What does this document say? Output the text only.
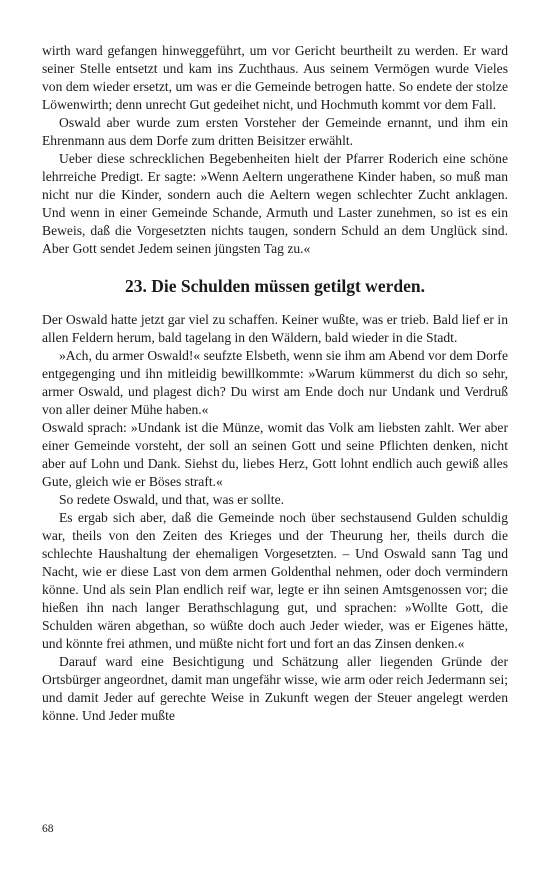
wirth ward gefangen hinweggeführt, um vor Gericht beurtheilt zu werden. Er ward seiner Stelle entsetzt und kam ins Zuchthaus. Aus seinem Vermögen wurde Vieles von dem wieder ersetzt, um was er die Gemeinde betrogen hatte. So endete der stolze Löwenwirth; denn unrecht Gut gedeihet nicht, und Hochmuth kommt vor dem Fall.

Oswald aber wurde zum ersten Vorsteher der Gemeinde ernannt, und ihm ein Ehrenmann aus dem Dorfe zum dritten Beisitzer erwählt.

Ueber diese schrecklichen Begebenheiten hielt der Pfarrer Roderich eine schöne lehrreiche Predigt. Er sagte: »Wenn Aeltern ungerathene Kinder haben, so muß man nicht nur die Kinder, sondern auch die Aeltern wegen schlechter Zucht anklagen. Und wenn in einer Gemeinde Schande, Armuth und Laster zunehmen, so ist es ein Beweis, daß die Vorgesetzten nichts taugen, sondern Schuld an dem Unglück sind. Aber Gott sendet Jedem seinen jüngsten Tag zu.«

23. Die Schulden müssen getilgt werden.

Der Oswald hatte jetzt gar viel zu schaffen. Keiner wußte, was er trieb. Bald lief er in allen Feldern herum, bald tagelang in den Wäldern, bald wieder in die Stadt.

»Ach, du armer Oswald!« seufzte Elsbeth, wenn sie ihm am Abend vor dem Dorfe entgegenging und ihn mitleidig bewillkommte: »Warum kümmerst du dich so sehr, armer Oswald, und plagest dich? Du wirst am Ende doch nur Undank und Verdruß von aller deiner Mühe haben.«

Oswald sprach: »Undank ist die Münze, womit das Volk am liebsten zahlt. Wer aber einer Gemeinde vorsteht, der soll an seinen Gott und seine Pflichten denken, nicht aber auf Lohn und Dank. Siehst du, liebes Herz, Gott lohnt endlich auch gewiß alles Gute, gleich wie er Böses straft.«

So redete Oswald, und that, was er sollte.

Es ergab sich aber, daß die Gemeinde noch über sechstausend Gulden schuldig war, theils von den Zeiten des Krieges und der Theurung her, theils durch die schlechte Haushaltung der ehemaligen Vorgesetzten. – Und Oswald sann Tag und Nacht, wie er diese Last von dem armen Goldenthal nehmen, oder doch vermindern könne. Und als sein Plan endlich reif war, legte er ihn seinen Amtsgenossen vor; die hießen ihn nach langer Berathschlagung gut, und sprachen: »Wollte Gott, die Schulden wären abgethan, so wüßte doch auch Jeder wieder, was er Eigenes hätte, und könnte frei athmen, und müßte nicht fort und fort an das Zinsen denken.«

Darauf ward eine Besichtigung und Schätzung aller liegenden Gründe der Ortsbürger angeordnet, damit man ungefähr wisse, wie arm oder reich Jedermann sei; und damit Jeder auf gerechte Weise in Zukunft wegen der Steuer angelegt werden könne. Und Jeder mußte

68
